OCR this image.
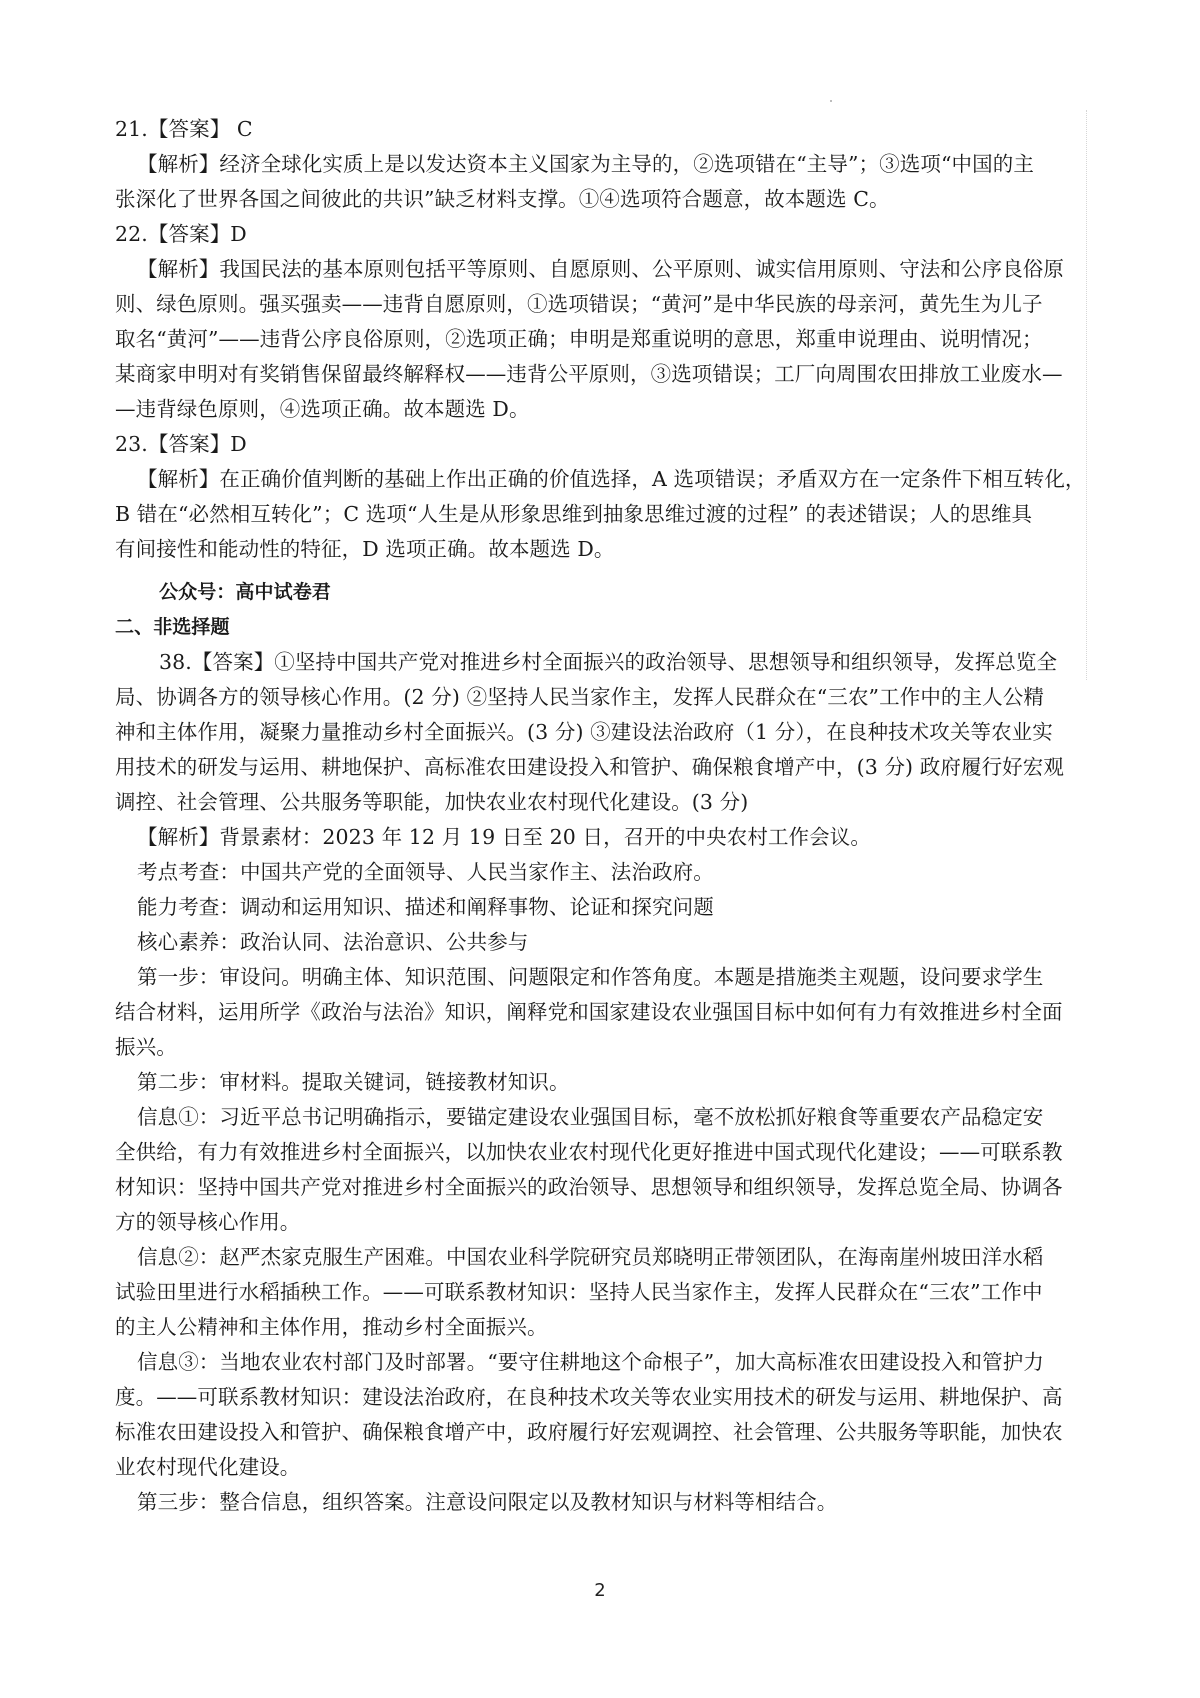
21.【答案】 C
【解析】经济全球化实质上是以发达资本主义国家为主导的，②选项错在“主导”；③选项“中国的主
张深化了世界各国之间彼此的共识”缺乏材料支撑。①④选项符合题意，故本题选 C。
22.【答案】D
【解析】我国民法的基本原则包括平等原则、自愿原则、公平原则、诚实信用原则、守法和公序良俗原
则、绿色原则。强买强卖——违背自愿原则，①选项错误；“黄河”是中华民族的母亲河，黄先生为儿子
取名“黄河”——违背公序良俗原则，②选项正确；申明是郑重说明的意思，郑重申说理由、说明情况；
某商家申明对有奖销售保留最终解释权——违背公平原则，③选项错误；工厂向周围农田排放工业废水—
—违背绿色原则，④选项正确。故本题选 D。
23.【答案】D
【解析】在正确价值判断的基础上作出正确的价值选择，A 选项错误；矛盾双方在一定条件下相互转化，
B 错在“必然相互转化”；C 选项“人生是从形象思维到抽象思维过渡的过程” 的表述错误；人的思维具
有间接性和能动性的特征，D 选项正确。故本题选 D。
公众号：高中试卷君
二、非选择题
38.【答案】①坚持中国共产党对推进乡村全面振兴的政治领导、思想领导和组织领导，发挥总览全
局、协调各方的领导核心作用。(2 分) ②坚持人民当家作主，发挥人民群众在“三农”工作中的主人公精
神和主体作用，凝聚力量推动乡村全面振兴。(3 分) ③建设法治政府（1 分），在良种技术攻关等农业实
用技术的研发与运用、耕地保护、高标准农田建设投入和管护、确保粮食增产中，(3 分) 政府履行好宏观
调控、社会管理、公共服务等职能，加快农业农村现代化建设。(3 分)
【解析】背景素材：2023 年 12 月 19 日至 20 日，召开的中央农村工作会议。
考点考查：中国共产党的全面领导、人民当家作主、法治政府。
能力考查：调动和运用知识、描述和阐释事物、论证和探究问题
核心素养：政治认同、法治意识、公共参与
第一步：审设问。明确主体、知识范围、问题限定和作答角度。本题是措施类主观题，设问要求学生
结合材料，运用所学《政治与法治》知识，阐释党和国家建设农业强国目标中如何有力有效推进乡村全面
振兴。
第二步：审材料。提取关键词，链接教材知识。
信息①：习近平总书记明确指示，要锚定建设农业强国目标，毫不放松抓好粮食等重要农产品稳定安
全供给，有力有效推进乡村全面振兴，以加快农业农村现代化更好推进中国式现代化建设；——可联系教
材知识：坚持中国共产党对推进乡村全面振兴的政治领导、思想领导和组织领导，发挥总览全局、协调各
方的领导核心作用。
信息②：赵严杰家克服生产困难。中国农业科学院研究员郑晓明正带领团队，在海南崖州坡田洋水稻
试验田里进行水稻插秧工作。——可联系教材知识：坚持人民当家作主，发挥人民群众在“三农”工作中
的主人公精神和主体作用，推动乡村全面振兴。
信息③：当地农业农村部门及时部署。“要守住耕地这个命根子”，加大高标准农田建设投入和管护力
度。——可联系教材知识：建设法治政府，在良种技术攻关等农业实用技术的研发与运用、耕地保护、高
标准农田建设投入和管护、确保粮食增产中，政府履行好宏观调控、社会管理、公共服务等职能，加快农
业农村现代化建设。
第三步：整合信息，组织答案。注意设问限定以及教材知识与材料等相结合。
2
